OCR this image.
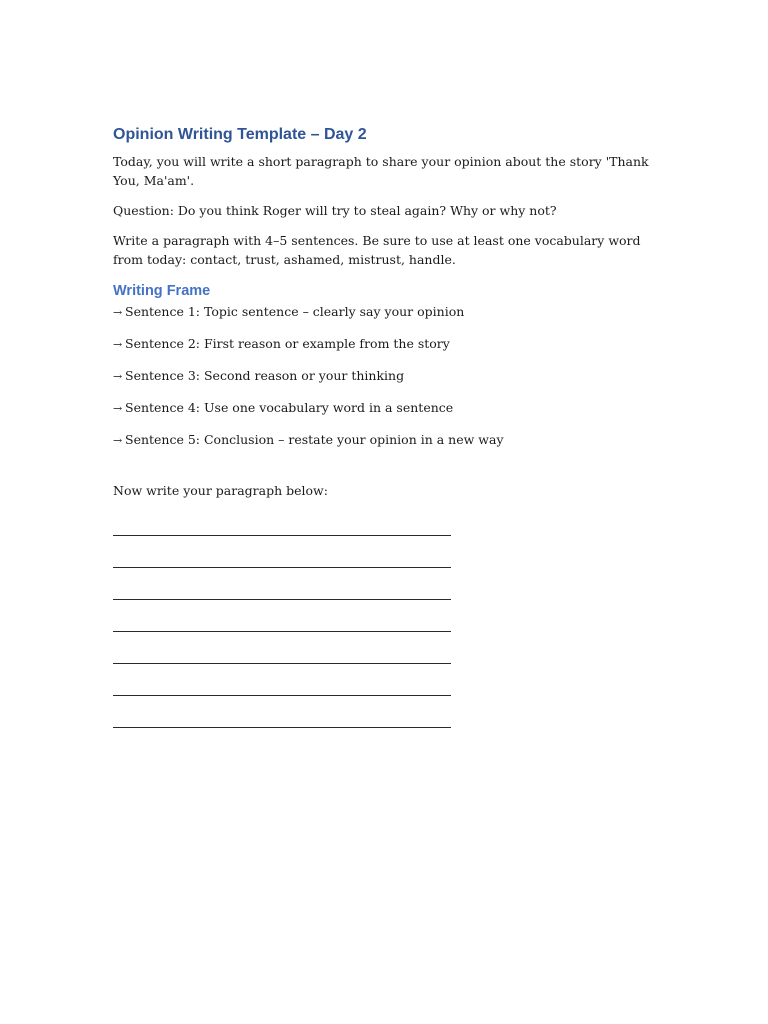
Opinion Writing Template – Day 2

Today, you will write a short paragraph to share your opinion about the story 'Thank You, Ma'am'.

Question: Do you think Roger will try to steal again? Why or why not?

Write a paragraph with 4–5 sentences. Be sure to use at least one vocabulary word from today: contact, trust, ashamed, mistrust, handle.

Writing Frame
→ Sentence 1: Topic sentence – clearly say your opinion
→ Sentence 2: First reason or example from the story
→ Sentence 3: Second reason or your thinking
→ Sentence 4: Use one vocabulary word in a sentence
→ Sentence 5: Conclusion – restate your opinion in a new way

Now write your paragraph below:
